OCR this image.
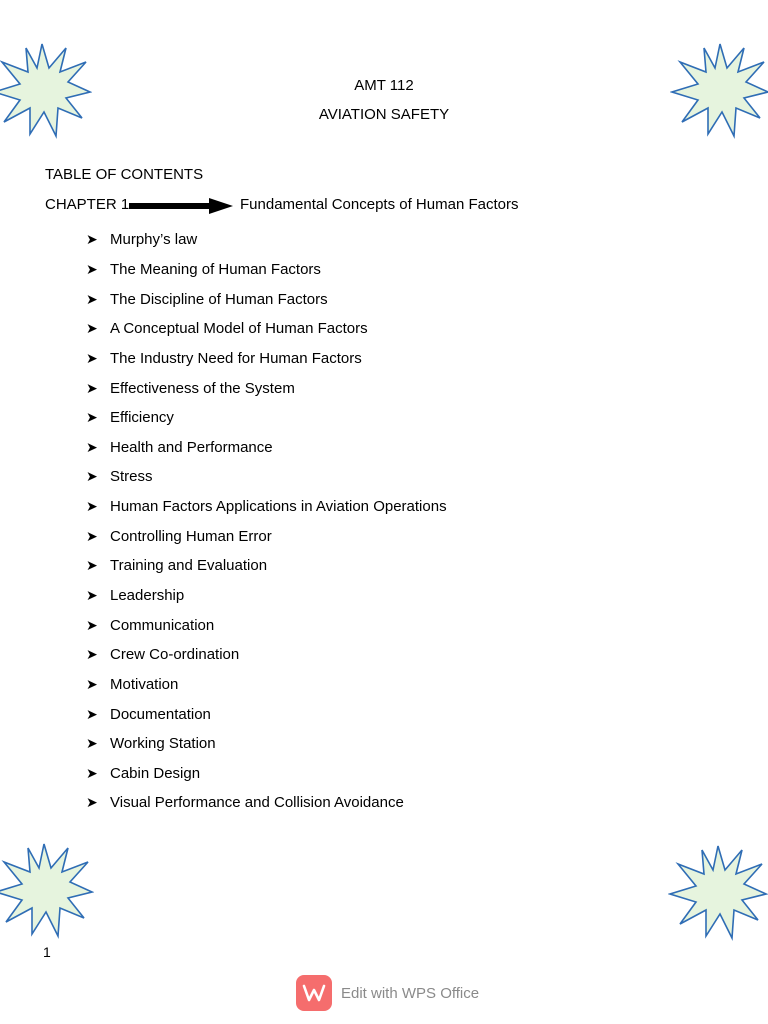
AMT 112
AVIATION SAFETY
TABLE OF CONTENTS
CHAPTER 1	Fundamental Concepts of Human Factors
➤ Murphy’s law
➤ The Meaning of Human Factors
➤ The Discipline of Human Factors
➤ A Conceptual Model of Human Factors
➤ The Industry Need for Human Factors
➤ Effectiveness of the System
➤ Efficiency
➤ Health and Performance
➤ Stress
➤ Human Factors Applications in Aviation Operations
➤ Controlling Human Error
➤ Training and Evaluation
➤ Leadership
➤ Communication
➤ Crew Co-ordination
➤ Motivation
➤ Documentation
➤ Working Station
➤ Cabin Design
➤ Visual Performance and Collision Avoidance
1
Edit with WPS Office
